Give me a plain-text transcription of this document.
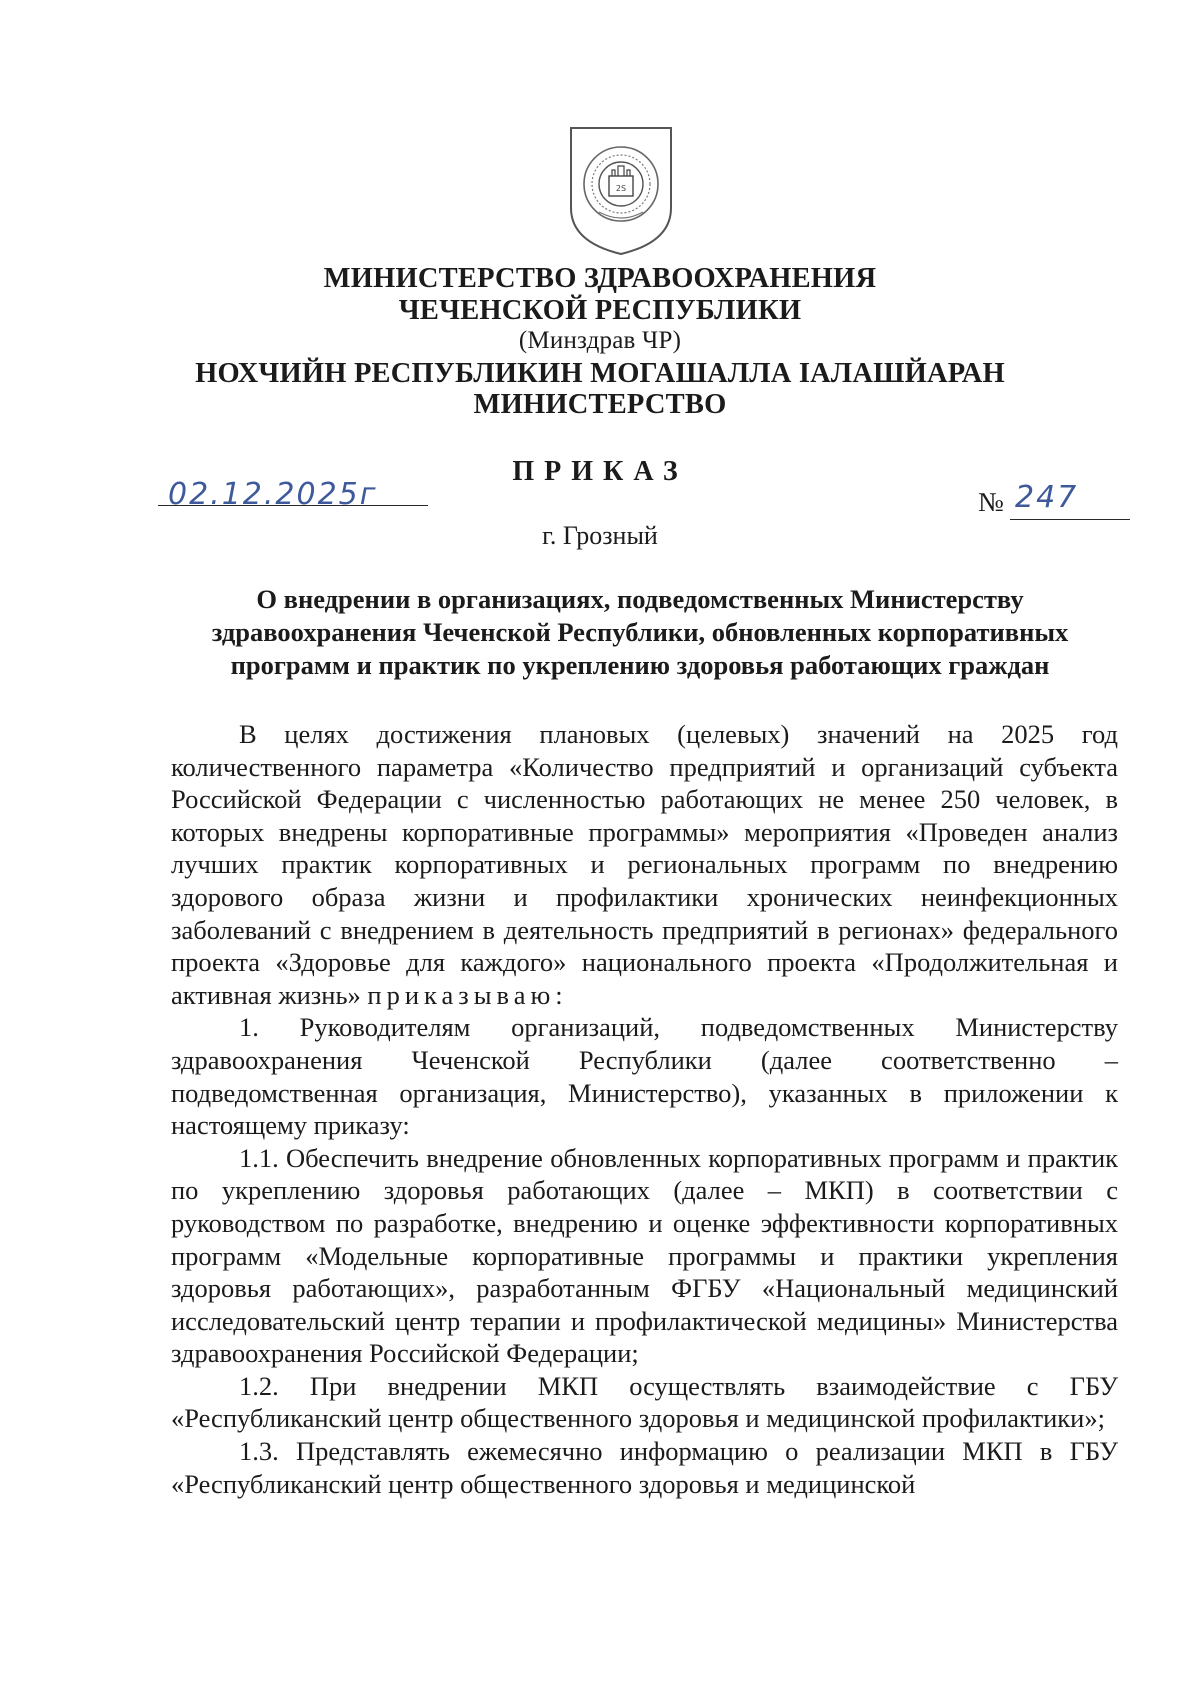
2S
МИНИСТЕРСТВО ЗДРАВООХРАНЕНИЯ
ЧЕЧЕНСКОЙ РЕСПУБЛИКИ
(Минздрав ЧР)
НОХЧИЙН РЕСПУБЛИКИН МОГАШАЛЛА IАЛАШЙАРАН
МИНИСТЕРСТВО
ПРИКАЗ
02.12.2025г	№ 247
г. Грозный
О внедрении в организациях, подведомственных Министерству здравоохранения Чеченской Республики, обновленных корпоративных программ и практик по укреплению здоровья работающих граждан

В целях достижения плановых (целевых) значений на 2025 год количественного параметра «Количество предприятий и организаций субъекта Российской Федерации с численностью работающих не менее 250 человек, в которых внедрены корпоративные программы» мероприятия «Проведен анализ лучших практик корпоративных и региональных программ по внедрению здорового образа жизни и профилактики хронических неинфекционных заболеваний с внедрением в деятельность предприятий в регионах» федерального проекта «Здоровье для каждого» национального проекта «Продолжительная и активная жизнь» приказываю:

1. Руководителям организаций, подведомственных Министерству здравоохранения Чеченской Республики (далее соответственно – подведомственная организация, Министерство), указанных в приложении к настоящему приказу:

1.1. Обеспечить внедрение обновленных корпоративных программ и практик по укреплению здоровья работающих (далее – МКП) в соответствии с руководством по разработке, внедрению и оценке эффективности корпоративных программ «Модельные корпоративные программы и практики укрепления здоровья работающих», разработанным ФГБУ «Национальный медицинский исследовательский центр терапии и профилактической медицины» Министерства здравоохранения Российской Федерации;

1.2. При внедрении МКП осуществлять взаимодействие с ГБУ «Республиканский центр общественного здоровья и медицинской профилактики»;

1.3. Представлять ежемесячно информацию о реализации МКП в ГБУ «Республиканский центр общественного здоровья и медицинской
